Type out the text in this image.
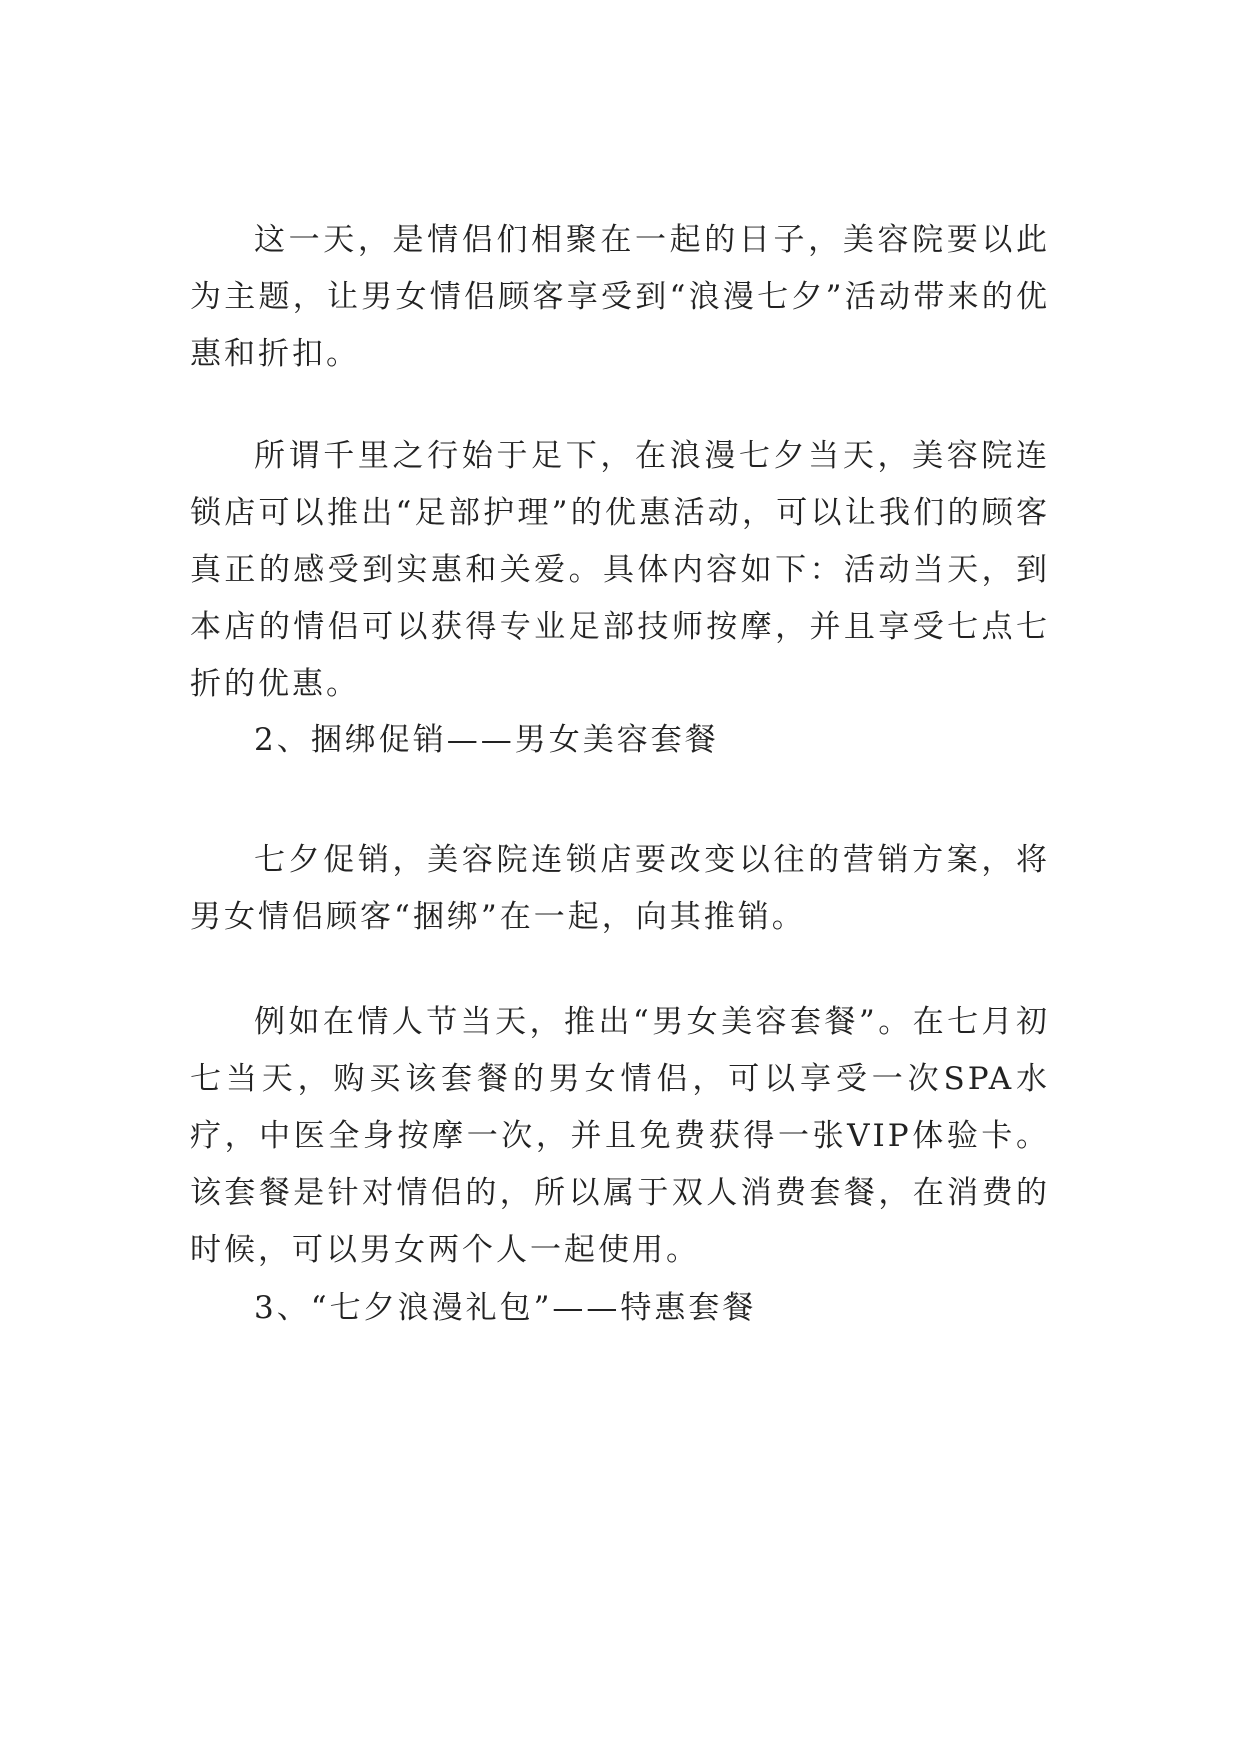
这一天，是情侣们相聚在一起的日子，美容院要以此为主题，让男女情侣顾客享受到“浪漫七夕”活动带来的优惠和折扣。

所谓千里之行始于足下，在浪漫七夕当天，美容院连锁店可以推出“足部护理”的优惠活动，可以让我们的顾客真正的感受到实惠和关爱。具体内容如下：活动当天，到本店的情侣可以获得专业足部技师按摩，并且享受七点七折的优惠。

2、捆绑促销——男女美容套餐

七夕促销，美容院连锁店要改变以往的营销方案，将男女情侣顾客“捆绑”在一起，向其推销。

例如在情人节当天，推出“男女美容套餐”。在七月初七当天，购买该套餐的男女情侣，可以享受一次SPA水疗，中医全身按摩一次，并且免费获得一张VIP体验卡。该套餐是针对情侣的，所以属于双人消费套餐，在消费的时候，可以男女两个人一起使用。

3、“七夕浪漫礼包”——特惠套餐
